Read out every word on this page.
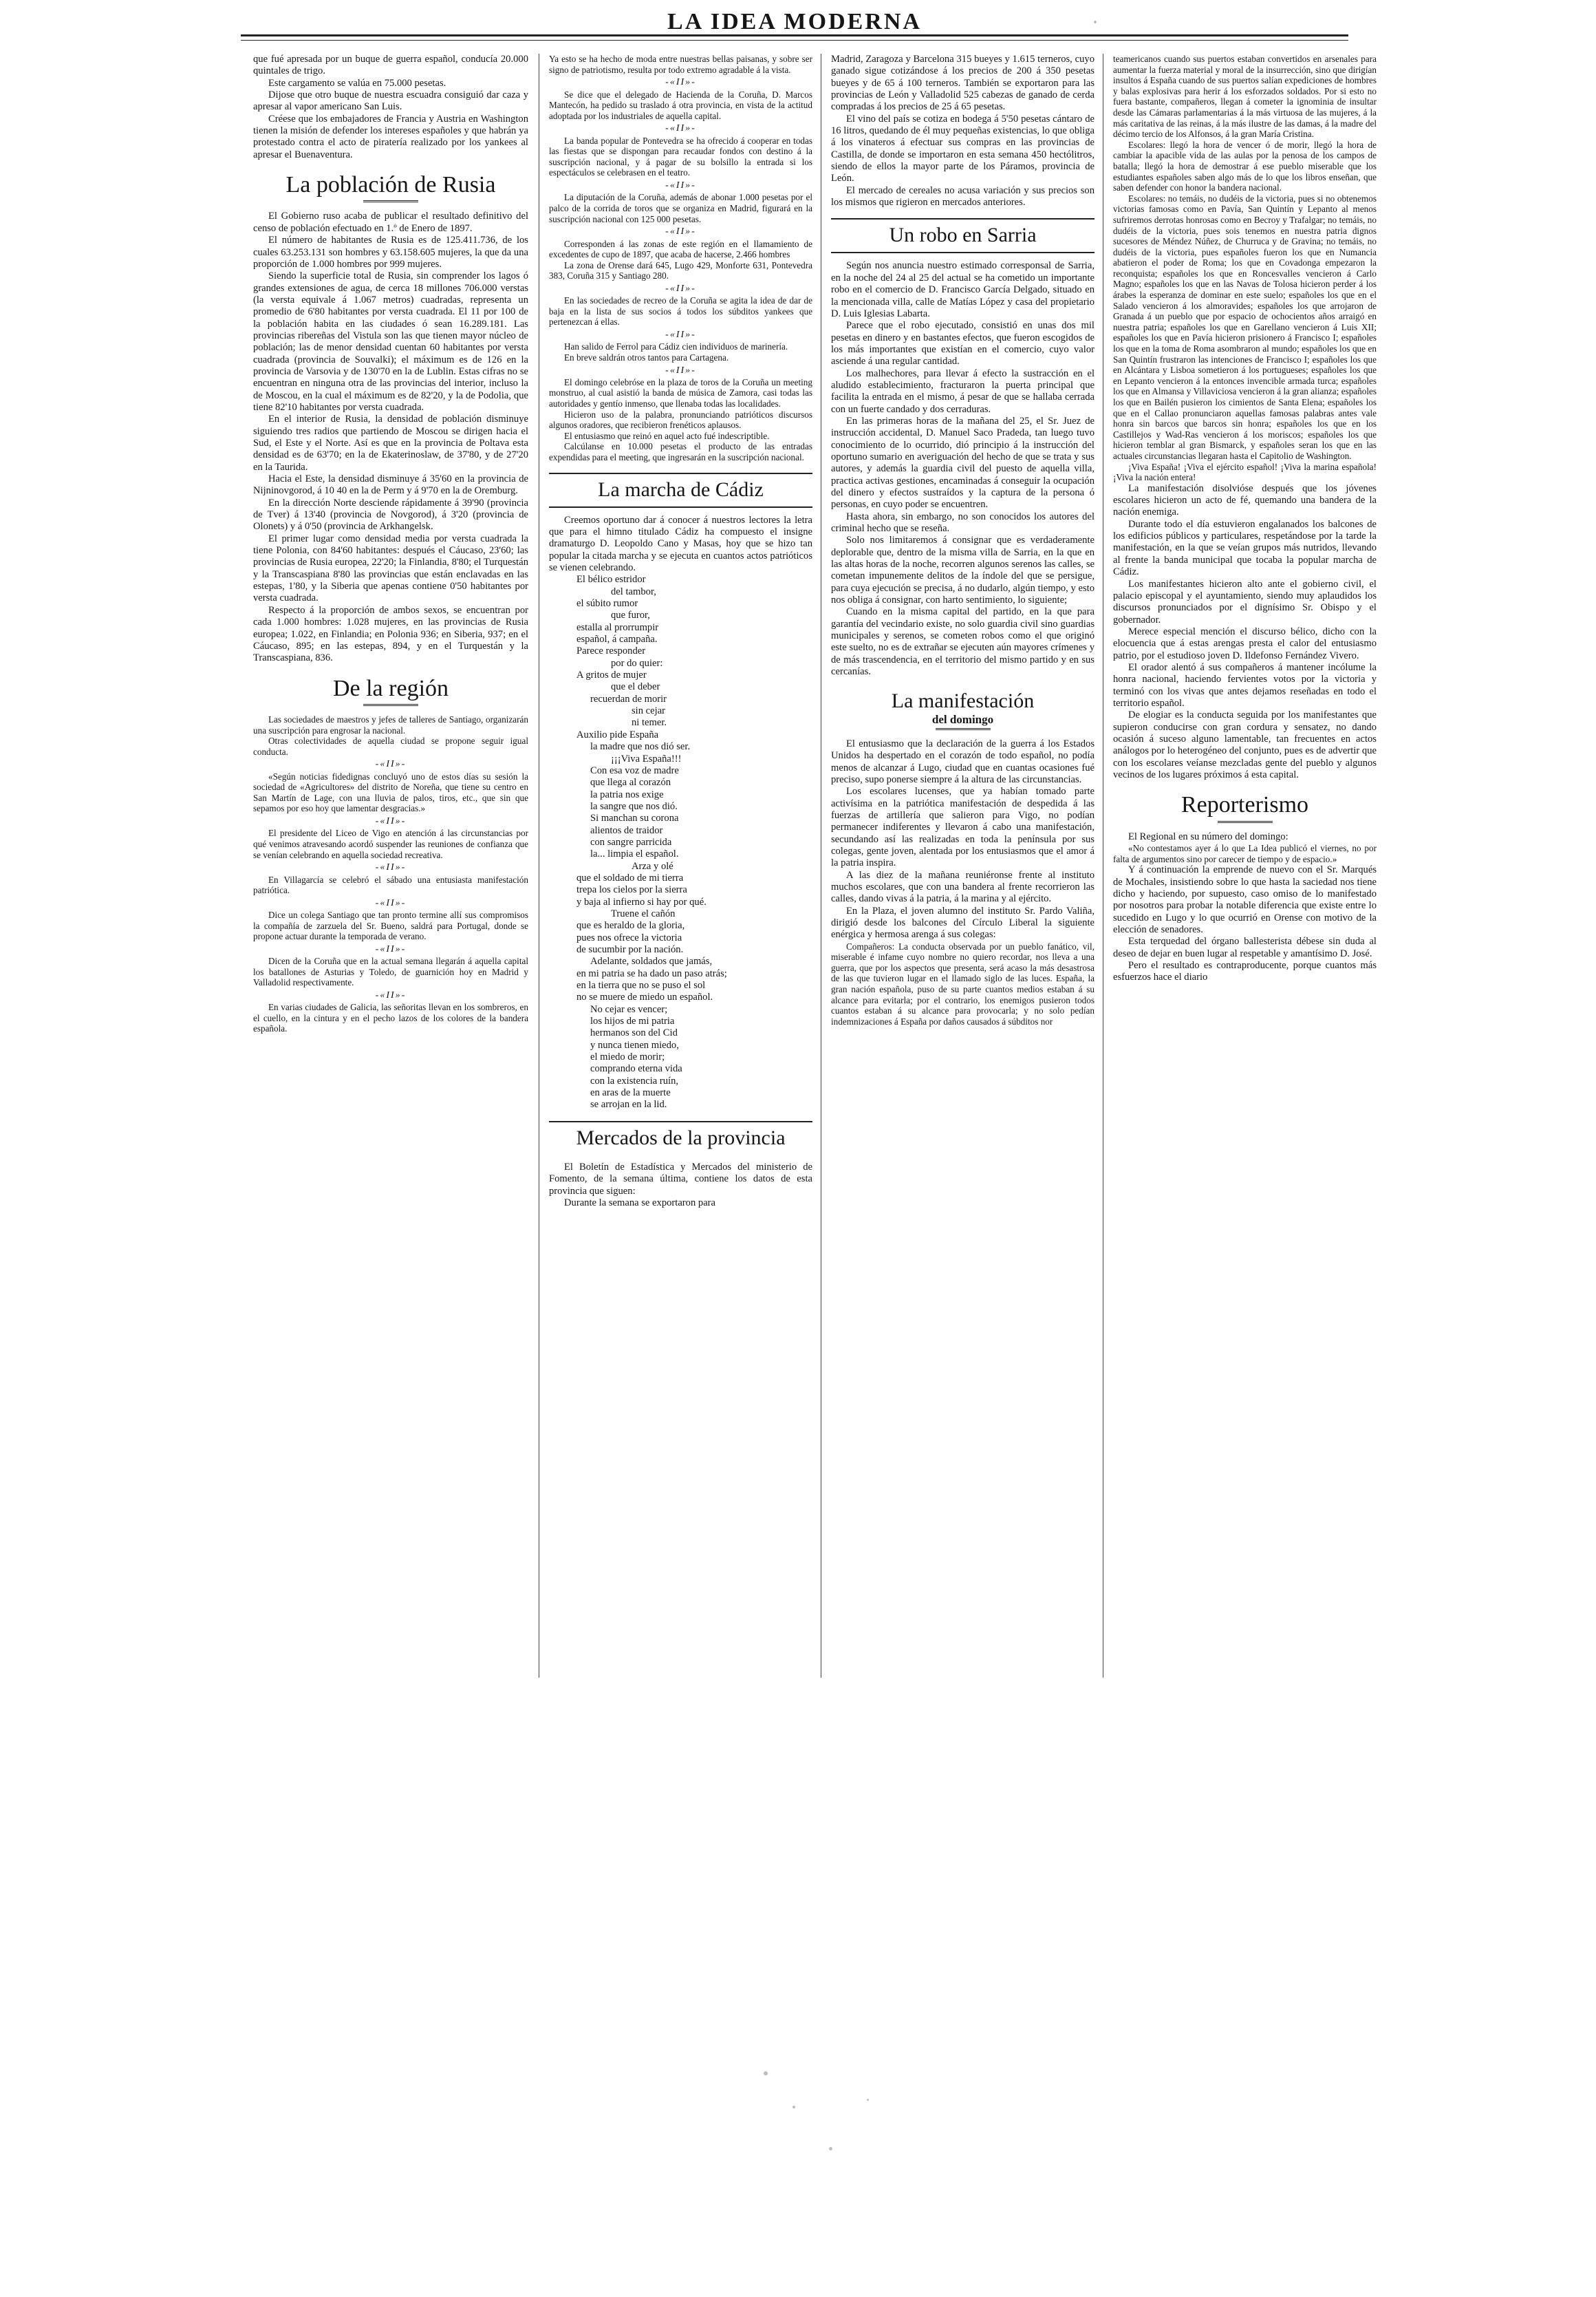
LA IDEA MODERNA

que fué apresada por un buque de guerra español, conducía 20.000 quintales de trigo.

Este cargamento se valúa en 75.000 pesetas.

Dijose que otro buque de nuestra escuadra consiguió dar caza y apresar al vapor americano San Luis.

Créese que los embajadores de Francia y Austria en Washington tienen la misión de defender los intereses españoles y que habrán ya protestado contra el acto de piratería realizado por los yankees al apresar el Buenaventura.

La población de Rusia

El Gobierno ruso acaba de publicar el resultado definitivo del censo de población efectuado en 1.º de Enero de 1897.

El número de habitantes de Rusia es de 125.411.736, de los cuales 63.253.131 son hombres y 63.158.605 mujeres, la que da una proporción de 1.000 hombres por 999 mujeres.

Siendo la superficie total de Rusia, sin comprender los lagos ó grandes extensiones de agua, de cerca 18 millones 706.000 verstas (la versta equivale á 1.067 metros) cuadradas, representa un promedio de 6'80 habitantes por versta cuadrada. El 11 por 100 de la población habita en las ciudades ó sean 16.289.181. Las provincias ribereñas del Vistula son las que tienen mayor núcleo de población; las de menor densidad cuentan 60 habitantes por versta cuadrada (provincia de Souvalki); el máximum es de 126 en la provincia de Varsovia y de 130'70 en la de Lublin. Estas cifras no se encuentran en ninguna otra de las provincias del interior, incluso la de Moscou, en la cual el máximum es de 82'20, y la de Podolia, que tiene 82'10 habitantes por versta cuadrada.

En el interior de Rusia, la densidad de población disminuye siguiendo tres radios que partiendo de Moscou se dirigen hacia el Sud, el Este y el Norte. Así es que en la provincia de Poltava esta densidad es de 63'70; en la de Ekaterinoslaw, de 37'80, y de 27'20 en la Taurida.

Hacia el Este, la densidad disminuye á 35'60 en la provincia de Nijninovgorod, á 10 40 en la de Perm y á 9'70 en la de Oremburg.

En la dirección Norte desciende rápidamente á 39'90 (provincia de Tver) á 13'40 (provincia de Novgorod), á 3'20 (provincia de Olonets) y á 0'50 (provincia de Arkhangelsk.

El primer lugar como densidad media por versta cuadrada la tiene Polonia, con 84'60 habitantes: después el Cáucaso, 23'60; las provincias de Rusia europea, 22'20; la Finlandia, 8'80; el Turquestán y la Transcaspiana 8'80 las provincias que están enclavadas en las estepas, 1'80, y la Siberia que apenas contiene 0'50 habitantes por versta cuadrada.

Respecto á la proporción de ambos sexos, se encuentran por cada 1.000 hombres: 1.028 mujeres, en las provincias de Rusia europea; 1.022, en Finlandia; en Polonia 936; en Siberia, 937; en el Cáucaso, 895; en las estepas, 894, y en el Turquestán y la Transcaspiana, 836.

De la región

Las sociedades de maestros y jefes de talleres de Santiago, organizarán una suscripción para engrosar la nacional.

Otras colectividades de aquella ciudad se propone seguir igual conducta.

-«II»-

«Según noticias fidedignas concluyó uno de estos días su sesión la sociedad de «Agricultores» del distrito de Noreña, que tiene su centro en San Martín de Lage, con una lluvia de palos, tiros, etc., que sin que sepamos por eso hoy que lamentar desgracias.»

-«II»-

El presidente del Liceo de Vigo en atención á las circunstancias por qué venimos atravesando acordó suspender las reuniones de confianza que se venían celebrando en aquella sociedad recreativa.

-«II»-

En Villagarcía se celebró el sábado una entusiasta manifestación patriótica.

-«II»-

Dice un colega Santiago que tan pronto termine allí sus compromisos la compañía de zarzuela del Sr. Bueno, saldrá para Portugal, donde se propone actuar durante la temporada de verano.

-«II»-

Dicen de la Coruña que en la actual semana llegarán á aquella capital los batallones de Asturias y Toledo, de guarnición hoy en Madrid y Valladolid respectivamente.

-«II»-

En varias ciudades de Galicia, las señoritas llevan en los sombreros, en el cuello, en la cintura y en el pecho lazos de los colores de la bandera española.

Ya esto se ha hecho de moda entre nuestras bellas paisanas, y sobre ser signo de patriotismo, resulta por todo extremo agradable á la vista.

-«II»-

Se dice que el delegado de Hacienda de la Coruña, D. Marcos Mantecón, ha pedido su traslado á otra provincia, en vista de la actitud adoptada por los industriales de aquella capital.

-«II»-

La banda popular de Pontevedra se ha ofrecido á cooperar en todas las fiestas que se dispongan para recaudar fondos con destino á la suscripción nacional, y á pagar de su bolsillo la entrada si los espectáculos se celebrasen en el teatro.

-«II»-

La diputación de la Coruña, además de abonar 1.000 pesetas por el palco de la corrida de toros que se organiza en Madrid, figurará en la suscripción nacional con 125 000 pesetas.

-«II»-

Corresponden á las zonas de este región en el llamamiento de excedentes de cupo de 1897, que acaba de hacerse, 2.466 hombres

La zona de Orense dará 645, Lugo 429, Monforte 631, Pontevedra 383, Coruña 315 y Santiago 280.

-«II»-

En las sociedades de recreo de la Coruña se agita la idea de dar de baja en la lista de sus socios á todos los súbditos yankees que pertenezcan á ellas.

-«II»-

Han salido de Ferrol para Cádiz cien individuos de marinería.

En breve saldrán otros tantos para Cartagena.

-«II»-

El domingo celebróse en la plaza de toros de la Coruña un meeting monstruo, al cual asistió la banda de música de Zamora, casi todas las autoridades y gentío inmenso, que llenaba todas las localidades.

Hicieron uso de la palabra, pronunciando patrióticos discursos algunos oradores, que recibieron frenéticos aplausos.

El entusiasmo que reinó en aquel acto fué indescriptible.

Calcúlanse en 10.000 pesetas el producto de las entradas expendidas para el meeting, que ingresarán en la suscripción nacional.

La marcha de Cádiz

Creemos oportuno dar á conocer á nuestros lectores la letra que para el himno titulado Cádiz ha compuesto el insigne dramaturgo D. Leopoldo Cano y Masas, hoy que se hizo tan popular la citada marcha y se ejecuta en cuantos actos patrióticos se vienen celebrando.

El bélico estridor

del tambor,

el súbito rumor

que furor,

estalla al prorrumpir

español, á campaña.

Parece responder

por do quier:

A gritos de mujer

que el deber

recuerdan de morir

sin cejar

ni temer.

Auxilio pide España

la madre que nos dió ser.

¡¡¡Viva España!!!

Con esa voz de madre

que llega al corazón

la patria nos exige

la sangre que nos dió.

Si manchan su corona

alientos de traidor

con sangre parricida

la... limpia el español.

Arza y olé

que el soldado de mi tierra

trepa los cielos por la sierra

y baja al infierno si hay por qué.

Truene el cañón

que es heraldo de la gloria,

pues nos ofrece la victoria

de sucumbir por la nación.

Adelante, soldados que jamás,

en mi patria se ha dado un paso atrás;

en la tierra que no se puso el sol

no se muere de miedo un español.

No cejar es vencer;

los hijos de mi patria

hermanos son del Cid

y nunca tienen miedo,

el miedo de morir;

comprando eterna vida

con la existencia ruín,

en aras de la muerte

se arrojan en la lid.

Mercados de la provincia

El Boletín de Estadística y Mercados del ministerio de Fomento, de la semana última, contiene los datos de esta provincia que siguen:

Durante la semana se exportaron para

Madrid, Zaragoza y Barcelona 315 bueyes y 1.615 terneros, cuyo ganado sigue cotizándose á los precios de 200 á 350 pesetas bueyes y de 65 á 100 terneros. También se exportaron para las provincias de León y Valladolid 525 cabezas de ganado de cerda compradas á los precios de 25 á 65 pesetas.

El vino del país se cotiza en bodega á 5'50 pesetas cántaro de 16 litros, quedando de él muy pequeñas existencias, lo que obliga á los vinateros á efectuar sus compras en las provincias de Castilla, de donde se importaron en esta semana 450 hectólitros, siendo de ellos la mayor parte de los Páramos, provincia de León.

El mercado de cereales no acusa variación y sus precios son los mismos que rigieron en mercados anteriores.

Un robo en Sarria

Según nos anuncia nuestro estimado corresponsal de Sarria, en la noche del 24 al 25 del actual se ha cometido un importante robo en el comercio de D. Francisco García Delgado, situado en la mencionada villa, calle de Matías López y casa del propietario D. Luis Iglesias Labarta.

Parece que el robo ejecutado, consistió en unas dos mil pesetas en dinero y en bastantes efectos, que fueron escogidos de los más importantes que existían en el comercio, cuyo valor asciende á una regular cantidad.

Los malhechores, para llevar á efecto la sustracción en el aludido establecimiento, fracturaron la puerta principal que facilita la entrada en el mismo, á pesar de que se hallaba cerrada con un fuerte candado y dos cerraduras.

En las primeras horas de la mañana del 25, el Sr. Juez de instrucción accidental, D. Manuel Saco Pradeda, tan luego tuvo conocimiento de lo ocurrido, dió principio á la instrucción del oportuno sumario en averiguación del hecho de que se trata y sus autores, y además la guardia civil del puesto de aquella villa, practica activas gestiones, encaminadas á conseguir la ocupación del dinero y efectos sustraídos y la captura de la persona ó personas, en cuyo poder se encuentren.

Hasta ahora, sin embargo, no son conocidos los autores del criminal hecho que se reseña.

Solo nos limitaremos á consignar que es verdaderamente deplorable que, dentro de la misma villa de Sarria, en la que en las altas horas de la noche, recorren algunos serenos las calles, se cometan impunemente delitos de la índole del que se persigue, para cuya ejecución se precisa, á no dudarlo, algún tiempo, y esto nos obliga á consignar, con harto sentimiento, lo siguiente;

Cuando en la misma capital del partido, en la que para garantía del vecindario existe, no solo guardia civil sino guardias municipales y serenos, se cometen robos como el que originó este suelto, no es de extrañar se ejecuten aún mayores crímenes y de más trascendencia, en el territorio del mismo partido y en sus cercanías.

La manifestación
del domingo

El entusiasmo que la declaración de la guerra á los Estados Unidos ha despertado en el corazón de todo español, no podía menos de alcanzar á Lugo, ciudad que en cuantas ocasiones fué preciso, supo ponerse siempre á la altura de las circunstancias.

Los escolares lucenses, que ya habían tomado parte activísima en la patriótica manifestación de despedida á las fuerzas de artillería que salieron para Vigo, no podían permanecer indiferentes y llevaron á cabo una manifestación, secundando así las realizadas en toda la península por sus colegas, gente joven, alentada por los entusiasmos que el amor á la patria inspira.

A las diez de la mañana reuniéronse frente al instituto muchos escolares, que con una bandera al frente recorrieron las calles, dando vivas á la patria, á la marina y al ejército.

En la Plaza, el joven alumno del instituto Sr. Pardo Valiña, dirigió desde los balcones del Círculo Liberal la siguiente enérgica y hermosa arenga á sus colegas:

Compañeros: La conducta observada por un pueblo fanático, vil, miserable é infame cuyo nombre no quiero recordar, nos lleva a una guerra, que por los aspectos que presenta, será acaso la más desastrosa de las que tuvieron lugar en el llamado siglo de las luces. España, la gran nación española, puso de su parte cuantos medios estaban á su alcance para evitarla; por el contrario, los enemigos pusieron todos cuantos estaban á su alcance para provocarla; y no solo pedían indemnizaciones á España por daños causados á súbditos nor

teamericanos cuando sus puertos estaban convertidos en arsenales para aumentar la fuerza material y moral de la insurrección, sino que dirigían insultos á España cuando de sus puertos salían expediciones de hombres y balas explosivas para herir á los esforzados soldados. Por si esto no fuera bastante, compañeros, llegan á cometer la ignominia de insultar desde las Cámaras parlamentarias á la más virtuosa de las mujeres, á la más caritativa de las reinas, á la más ilustre de las damas, á la madre del décimo tercio de los Alfonsos, á la gran María Cristina.

Escolares: llegó la hora de vencer ó de morir, llegó la hora de cambiar la apacible vida de las aulas por la penosa de los campos de batalla; llegó la hora de demostrar á ese pueblo miserable que los estudiantes españoles saben algo más de lo que los libros enseñan, que saben defender con honor la bandera nacional.

Escolares: no temáis, no dudéis de la victoria, pues si no obtenemos victorias famosas como en Pavía, San Quintín y Lepanto al menos sufriremos derrotas honrosas como en Becroy y Trafalgar; no temáis, no dudéis de la victoria, pues sois tenemos en nuestra patria dignos sucesores de Méndez Núñez, de Churruca y de Gravina; no temáis, no dudéis de la victoria, pues españoles fueron los que en Numancia abatieron el poder de Roma; los que en Covadonga empezaron la reconquista; españoles los que en Roncesvalles vencieron á Carlo Magno; españoles los que en las Navas de Tolosa hicieron perder á los árabes la esperanza de dominar en este suelo; españoles los que en el Salado vencieron á los almoravides; españoles los que arrojaron de Granada á un pueblo que por espacio de ochocientos años arraigó en nuestra patria; españoles los que en Garellano vencieron á Luis XII; españoles los que en Pavía hicieron prisionero á Francisco I; españoles los que en la toma de Roma asombraron al mundo; españoles los que en San Quintín frustraron las intenciones de Francisco I; españoles los que en Alcántara y Lisboa sometieron á los portugueses; españoles los que en Lepanto vencieron á la entonces invencible armada turca; españoles los que en Almansa y Villaviciosa vencieron á la gran alianza; españoles los que en Bailén pusieron los cimientos de Santa Elena; españoles los que en el Callao pronunciaron aquellas famosas palabras antes vale honra sin barcos que barcos sin honra; españoles los que en los Castillejos y Wad-Ras vencieron á los moriscos; españoles los que hicieron temblar al gran Bismarck, y españoles seran los que en las actuales circunstancias llegaran hasta el Capitolio de Washington.

¡Viva España! ¡Viva el ejército español! ¡Viva la marina española! ¡Viva la nación entera!

La manifestación disolvióse después que los jóvenes escolares hicieron un acto de fé, quemando una bandera de la nación enemiga.

Durante todo el día estuvieron engalanados los balcones de los edificios públicos y particulares, respetándose por la tarde la manifestación, en la que se veían grupos más nutridos, llevando al frente la banda municipal que tocaba la popular marcha de Cádiz.

Los manifestantes hicieron alto ante el gobierno civil, el palacio episcopal y el ayuntamiento, siendo muy aplaudidos los discursos pronunciados por el dignísimo Sr. Obispo y el gobernador.

Merece especial mención el discurso bélico, dicho con la elocuencia que á estas arengas presta el calor del entusiasmo patrio, por el estudioso joven D. Ildefonso Fernández Vivero.

El orador alentó á sus compañeros á mantener incólume la honra nacional, haciendo fervientes votos por la victoria y terminó con los vivas que antes dejamos reseñadas en todo el territorio español.

De elogiar es la conducta seguida por los manifestantes que supieron conducirse con gran cordura y sensatez, no dando ocasión á suceso alguno lamentable, tan frecuentes en actos análogos por lo heterogéneo del conjunto, pues es de advertir que con los escolares veíanse mezcladas gente del pueblo y algunos vecinos de los lugares próximos á esta capital.

Reporterismo

El Regional en su número del domingo:

«No contestamos ayer á lo que La Idea publicó el viernes, no por falta de argumentos sino por carecer de tiempo y de espacio.»

Y á continuación la emprende de nuevo con el Sr. Marqués de Mochales, insistiendo sobre lo que hasta la saciedad nos tiene dicho y haciendo, por supuesto, caso omiso de lo manifestado por nosotros para probar la notable diferencia que existe entre lo sucedido en Lugo y lo que ocurrió en Orense con motivo de la elección de senadores.

Esta terquedad del órgano ballesterista débese sin duda al deseo de dejar en buen lugar al respetable y amantísimo D. José.

Pero el resultado es contraproducente, porque cuantos más esfuerzos hace el diario
